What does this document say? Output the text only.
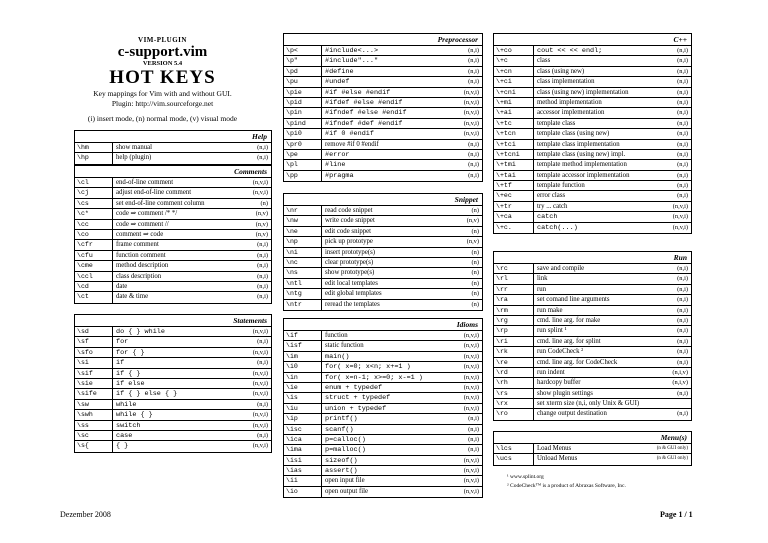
VIM-PLUGIN
c-support.vim
VERSION 5.4
HOT KEYS
Key mappings for Vim with and without GUI.
Plugin: http://vim.sourceforge.net
(i) insert mode, (n) normal mode, (v) visual mode
Help
\hm	show manual	(n,i)
\hp	help (plugin)	(n,i)
Comments
\cl	end-of-line comment	(n,v,i)
\cj	adjust end-of-line comment	(n,v,i)
\cs	set end-of-line comment column	(n)
\c*	code ⇒ comment /* */	(n,v)
\cc	code ⇒ comment //	(n,v)
\co	comment ⇒ code	(n,v)
\cfr	frame comment	(n,i)
\cfu	function comment	(n,i)
\cme	method description	(n,i)
\ccl	class description	(n,i)
\cd	date	(n,i)
\ct	date & time	(n,i)
Statements
\sd	do { } while	(n,v,i)
\sf	for	(n,i)
\sfo	for { }	(n,v,i)
\si	if	(n,i)
\sif	if { }	(n,v,i)
\sie	if else	(n,v,i)
\sife	if { } else { }	(n,v,i)
\sw	while	(n,i)
\swh	while { }	(n,v,i)
\ss	switch	(n,v,i)
\sc	case	(n,i)
\s{	{ }	(n,v,i)
Preprocessor
\p<	#include<...>	(n,i)
\p"	#include"..."	(n,i)
\pd	#define	(n,i)
\pu	#undef	(n,i)
\pie	#if #else #endif	(n,v,i)
\pid	#ifdef #else #endif	(n,v,i)
\pin	#ifndef #else #endif	(n,v,i)
\pind	#ifndef #def #endif	(n,v,i)
\pi0	#if 0 #endif	(n,v,i)
\pr0	remove #if 0 #endif	(n,i)
\pe	#error	(n,i)
\pl	#line	(n,i)
\pp	#pragma	(n,i)
Snippet
\nr	read code snippet	(n)
\nw	write code snippet	(n,v)
\ne	edit code snippet	(n)
\np	pick up prototype	(n,v)
\ni	insert prototype(s)	(n)
\nc	clear prototype(s)	(n)
\ns	show prototype(s)	(n)
\ntl	edit local templates	(n)
\ntg	edit global templates	(n)
\ntr	reread the templates	(n)
Idioms
\if	function	(n,v,i)
\isf	static function	(n,v,i)
\im	main()	(n,v,i)
\i0	for( x=0; x<n; x+=1 )	(n,v,i)
\in	for( x=n-1; x>=0; x-=1 )	(n,v,i)
\ie	enum + typedef	(n,v,i)
\is	struct + typedef	(n,v,i)
\iu	union + typedef	(n,v,i)
\ip	printf()	(n,i)
\isc	scanf()	(n,i)
\ica	p=calloc()	(n,i)
\ima	p=malloc()	(n,i)
\isi	sizeof()	(n,v,i)
\ias	assert()	(n,v,i)
\ii	open input file	(n,v,i)
\io	open output file	(n,v,i)
C++
\+co	cout << << endl;	(n,i)
\+c	class	(n,i)
\+cn	class (using new)	(n,i)
\+ci	class implementation	(n,i)
\+cni	class (using new) implementation	(n,i)
\+mi	method implementation	(n,i)
\+ai	accessor implementation	(n,i)
\+tc	template class	(n,i)
\+tcn	template class (using new)	(n,i)
\+tci	template class implementation	(n,i)
\+tcni	template class (using new) impl.	(n,i)
\+tmi	template method implementation	(n,i)
\+tai	template accessor implementation	(n,i)
\+tf	template function	(n,i)
\+ec	error class	(n,i)
\+tr	try ... catch	(n,v,i)
\+ca	catch	(n,v,i)
\+c.	catch(...)	(n,v,i)
Run
\rc	save and compile	(n,i)
\rl	link	(n,i)
\rr	run	(n,i)
\ra	set comand line arguments	(n,i)
\rm	run make	(n,i)
\rg	cmd. line arg. for make	(n,i)
\rp	run splint ¹	(n,i)
\ri	cmd. line arg. for splint	(n,i)
\rk	run CodeCheck ²	(n,i)
\re	cmd. line arg. for CodeCheck	(n,i)
\rd	run indent	(n,i,v)
\rh	hardcopy buffer	(n,i,v)
\rs	show plugin settings	(n,i)
\rx	set xterm size (n,i, only Unix & GUI)
\ro	change output destination	(n,i)
Menu(s)
\lcs	Load Menus	(n & GUI only)
\ucs	Unload Menus	(n & GUI only)
¹ www.splint.org
² CodeCheck™ is a product of Abraxas Software, Inc.
Dezember 2008	Page 1 / 1
